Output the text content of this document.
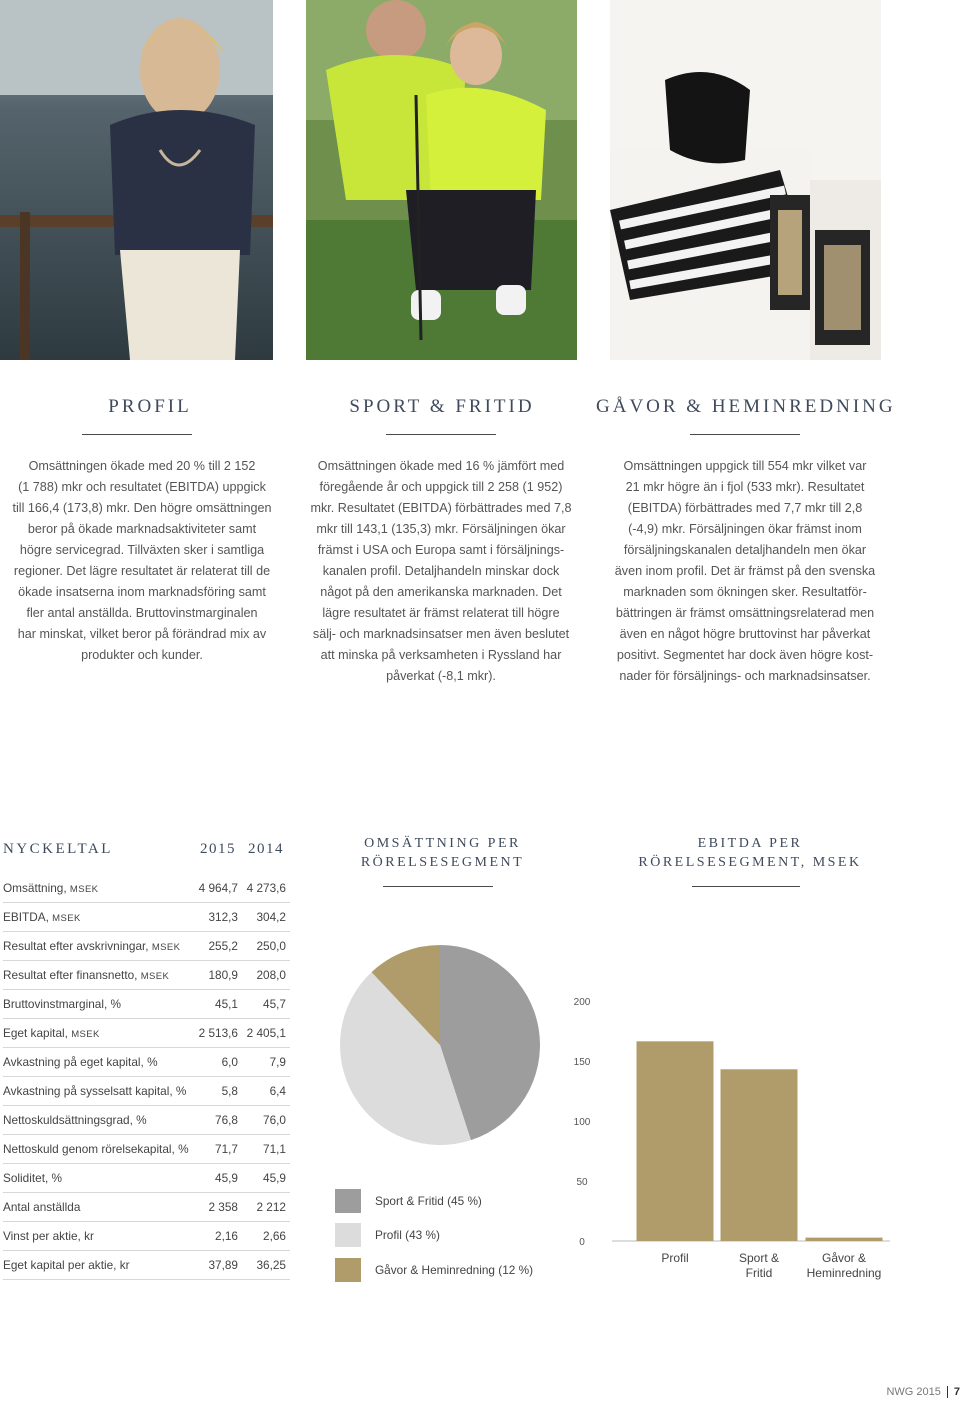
PROFIL

Omsättningen ökade med 20 % till 2 152

(1 788) mkr och resultatet (EBITDA) uppgick

till 166,4 (173,8) mkr. Den högre omsättningen

beror på ökade marknadsaktiviteter samt

högre servicegrad. Tillväxten sker i samtliga

regioner. Det lägre resultatet är relaterat till de

ökade insatserna inom marknadsföring samt

fler antal anställda. Bruttovinstmarginalen

har minskat, vilket beror på förändrad mix av

produkter och kunder.

SPORT & FRITID

Omsättningen ökade med 16 % jämfört med

föregående år och uppgick till 2 258 (1 952)

mkr. Resultatet (EBITDA) förbättrades med 7,8

mkr till 143,1 (135,3) mkr. Försäljningen ökar

främst i USA och Europa samt i försäljnings-

kanalen profil. Detaljhandeln minskar dock

något på den amerikanska marknaden. Det

lägre resultatet är främst relaterat till högre

sälj- och marknadsinsatser men även beslutet

att minska på verksamheten i Ryssland har

påverkat (-8,1 mkr).

GÅVOR & HEMINREDNING

Omsättningen uppgick till 554 mkr vilket var

21 mkr högre än i fjol (533 mkr). Resultatet

(EBITDA) förbättrades med 7,7 mkr till 2,8

(-4,9) mkr. Försäljningen ökar främst inom

försäljningskanalen detaljhandeln men ökar

även inom profil. Det är främst på den svenska

marknaden som ökningen sker. Resultatför-

bättringen är främst omsättningsrelaterad men

även en något högre bruttovinst har påverkat

positivt. Segmentet har dock även högre kost-

nader för försäljnings- och marknadsinsatser.

NYCKELTAL	2015 2014
Omsättning, MSEK	4 964,7 4 273,6
EBITDA, MSEK	312,3 304,2
Resultat efter avskrivningar, MSEK 255,2 250,0
Resultat efter finansnetto, MSEK	180,9 208,0
Bruttovinstmarginal, %	45,1 45,7
Eget kapital, MSEK	2 513,6 2 405,1
Avkastning på eget kapital, %	6,0	7,9
Avkastning på sysselsatt kapital, %	5,8	6,4
Nettoskuldsättningsgrad, %	76,8 76,0
Nettoskuld genom rörelsekapital, % 71,7 71,1
Soliditet, %	45,9 45,9
Antal anställda	2 358 2 212
Vinst per aktie, kr	2,16 2,66
Eget kapital per aktie, kr	37,89 36,25
OMSÄTTNING PER
RÖRELSESEGMENT
Sport & Fritid (45 %)
Profil (43 %)
Gåvor & Heminredning (12 %)
EBITDA PER
RÖRELSESEGMENT, MSEK
0
50
100
150
200
Profil	Sport &
Fritid
Gåvor &
Heminredning
NWG 2015 7
